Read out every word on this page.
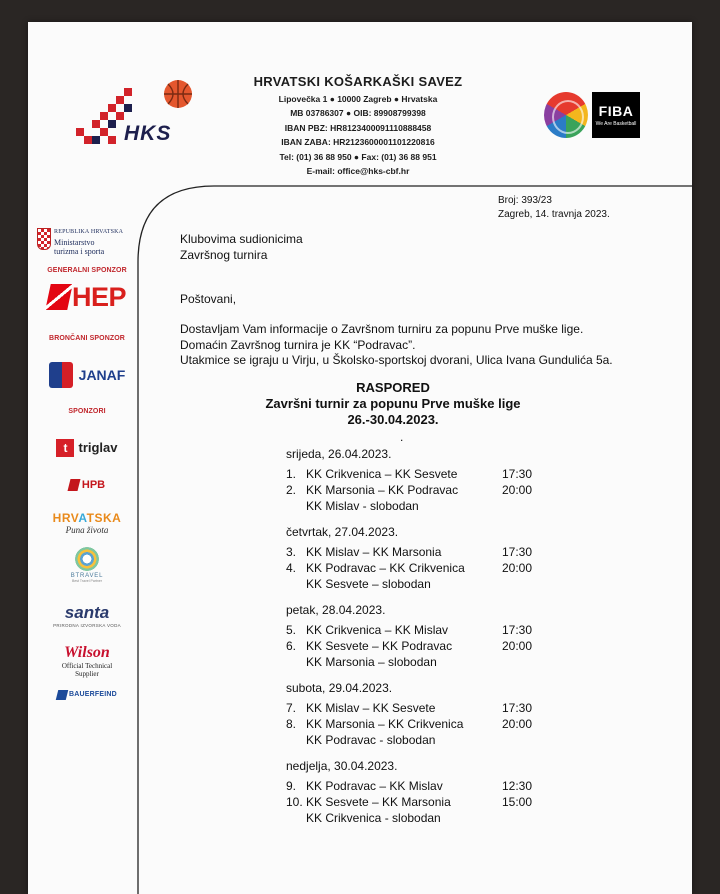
HKS
HRVATSKI KOŠARKAŠKI SAVEZ
Lipovečka 1 ● 10000 Zagreb ● Hrvatska
MB 03786307 ● OIB: 89908799398
IBAN PBZ: HR8123400091110888458
IBAN ZABA: HR2123600001101220816
Tel: (01) 36 88 950 ● Fax: (01) 36 88 951
E-mail: office@hks-cbf.hr
FIBA
We Are Basketball
Broj: 393/23
Zagreb, 14. travnja 2023.
REPUBLIKA HRVATSKA
Ministarstvo
turizma i sporta
GENERALNI SPONZOR
HEP
BRONČANI SPONZOR
JANAF
SPONZORI
t triglav
HPB
HRVATSKA
Puna života
BTRAVEL
Best Travel Partner
santa
PRIRODNA IZVORSKA VODA
Wilson
Official Technical
Supplier
BAUERFEIND
Klubovima sudionicima
Završnog turnira
Poštovani,
Dostavljam Vam informacije o Završnom turniru za popunu Prve muške lige.
Domaćin Završnog turnira je KK “Podravac”.
Utakmice se igraju u Virju, u Školsko-sportskoj dvorani, Ulica Ivana Gundulića 5a.
RASPORED
Završni turnir za popunu Prve muške lige
26.-30.04.2023.
.
srijeda, 26.04.2023.
1. KK Crikvenica – KK Sesvete	17:30
2. KK Marsonia – KK Podravac	20:00
KK Mislav - slobodan
četvrtak, 27.04.2023.
3. KK Mislav – KK Marsonia	17:30
4. KK Podravac – KK Crikvenica	20:00
KK Sesvete – slobodan
petak, 28.04.2023.
5. KK Crikvenica – KK Mislav	17:30
6. KK Sesvete – KK Podravac	20:00
KK Marsonia – slobodan
subota, 29.04.2023.
7. KK Mislav – KK Sesvete	17:30
8. KK Marsonia – KK Crikvenica	20:00
KK Podravac - slobodan
nedjelja, 30.04.2023.
9. KK Podravac – KK Mislav	12:30
10. KK Sesvete – KK Marsonia	15:00
KK Crikvenica - slobodan
